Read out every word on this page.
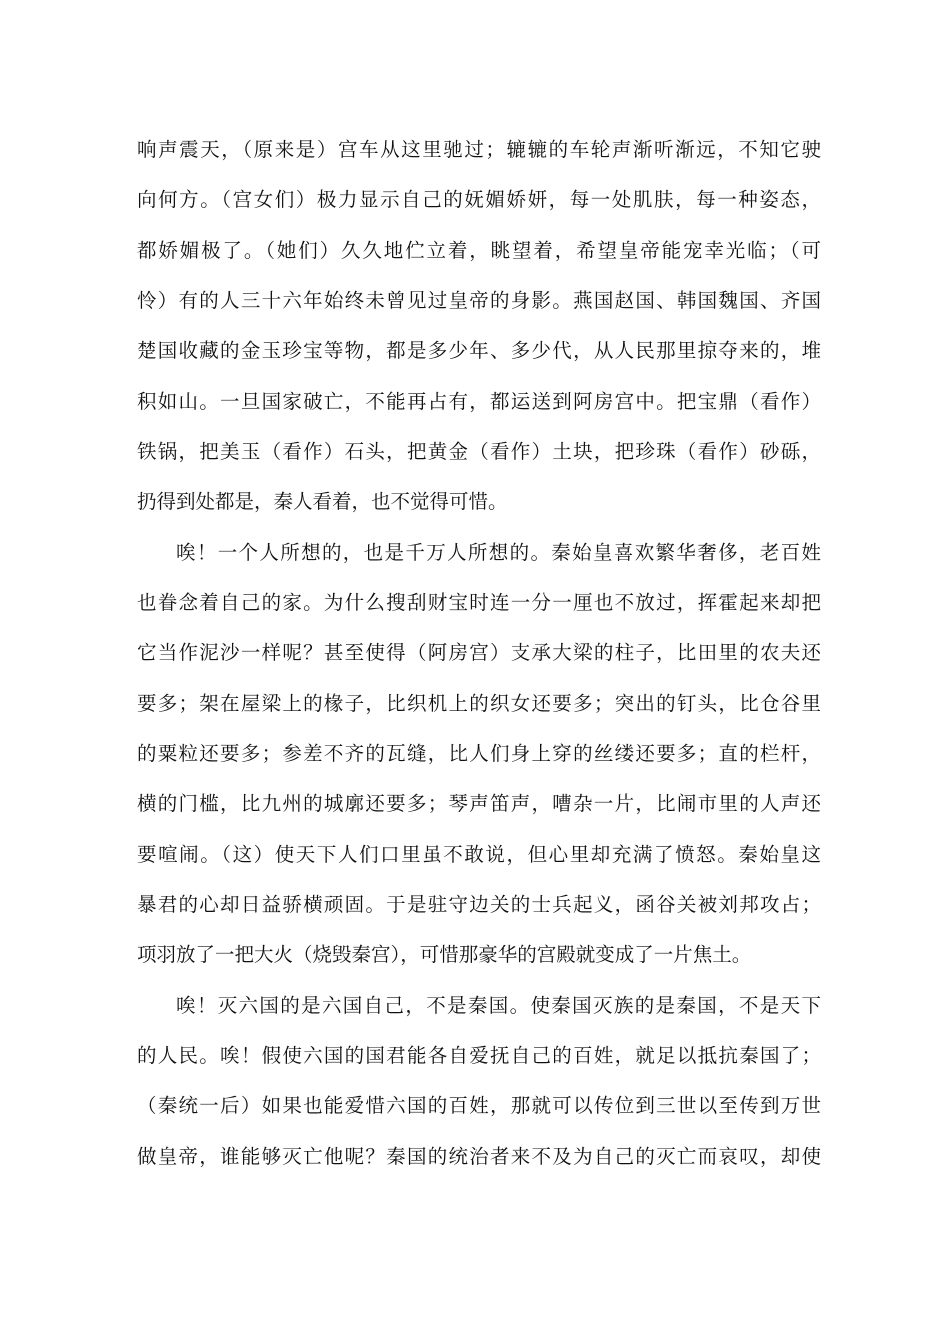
响声震天，（原来是）宫车从这里驰过；辘辘的车轮声渐听渐远，不知它驶
向何方。（宫女们）极力显示自己的妩媚娇妍，每一处肌肤，每一种姿态，
都娇媚极了。（她们）久久地伫立着，眺望着，希望皇帝能宠幸光临；（可
怜）有的人三十六年始终未曾见过皇帝的身影。燕国赵国、韩国魏国、齐国
楚国收藏的金玉珍宝等物，都是多少年、多少代，从人民那里掠夺来的，堆
积如山。一旦国家破亡，不能再占有，都运送到阿房宫中。把宝鼎（看作）
铁锅，把美玉（看作）石头，把黄金（看作）土块，把珍珠（看作）砂砾，
扔得到处都是，秦人看着，也不觉得可惜。
唉！一个人所想的，也是千万人所想的。秦始皇喜欢繁华奢侈，老百姓
也眷念着自己的家。为什么搜刮财宝时连一分一厘也不放过，挥霍起来却把
它当作泥沙一样呢？甚至使得（阿房宫）支承大梁的柱子，比田里的农夫还
要多；架在屋梁上的椽子，比织机上的织女还要多；突出的钉头，比仓谷里
的粟粒还要多；参差不齐的瓦缝，比人们身上穿的丝缕还要多；直的栏杆，
横的门槛，比九州的城廓还要多；琴声笛声，嘈杂一片，比闹市里的人声还
要喧闹。（这）使天下人们口里虽不敢说，但心里却充满了愤怒。秦始皇这
暴君的心却日益骄横顽固。于是驻守边关的士兵起义，函谷关被刘邦攻占；
项羽放了一把大火（烧毁秦宫），可惜那豪华的宫殿就变成了一片焦土。
唉！灭六国的是六国自己，不是秦国。使秦国灭族的是秦国，不是天下
的人民。唉！假使六国的国君能各自爱抚自己的百姓，就足以抵抗秦国了；
（秦统一后）如果也能爱惜六国的百姓，那就可以传位到三世以至传到万世
做皇帝，谁能够灭亡他呢？秦国的统治者来不及为自己的灭亡而哀叹，却使
